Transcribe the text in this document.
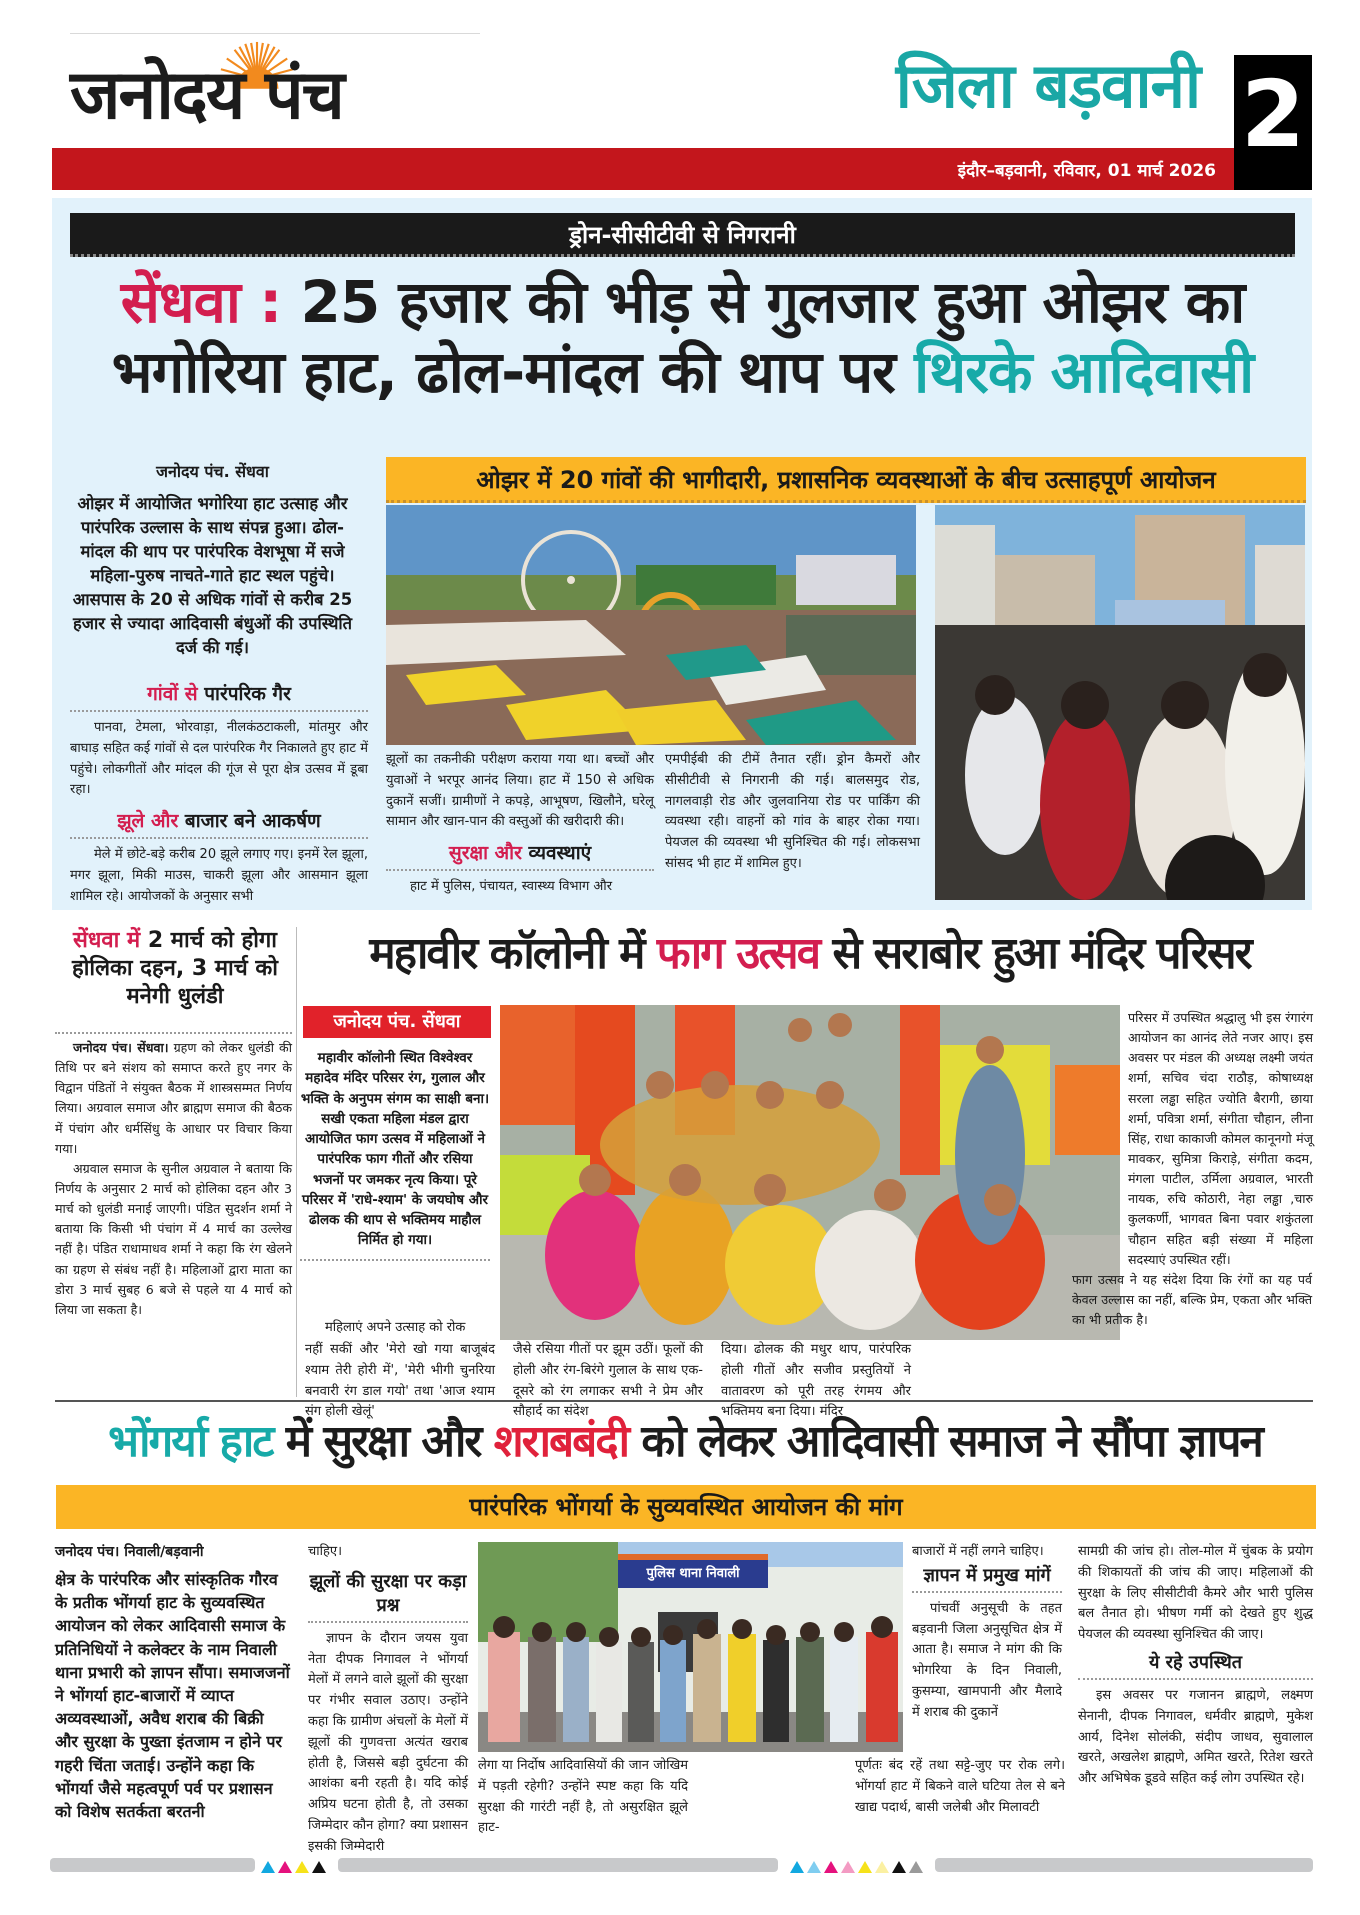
जनोदय पंच	जिला बड़वानी 2
इंदौर–बड़वानी, रविवार, 01 मार्च 2026
ड्रोन-सीसीटीवी से निगरानी
सेंधवा : 25 हजार की भीड़ से गुलजार हुआ ओझर का
भगोरिया हाट, ढोल-मांदल की थाप पर थिरके आदिवासी
जनोदय पंच. सेंधवा
ओझर में आयोजित भगोरिया हाट उत्साह और पारंपरिक उल्लास के साथ संपन्न हुआ। ढोल-मांदल की थाप पर पारंपरिक वेशभूषा में सजे महिला-पुरुष नाचते-गाते हाट स्थल पहुंचे। आसपास के 20 से अधिक गांवों से करीब 25 हजार से ज्यादा आदिवासी बंधुओं की उपस्थिति दर्ज की गई।
गांवों से पारंपरिक गैर

पानवा, टेमला, भोरवाड़ा, नीलकंठटाकली, मांतमुर और बाघाड़ सहित कई गांवों से दल पारंपरिक गैर निकालते हुए हाट में पहुंचे। लोकगीतों और मांदल की गूंज से पूरा क्षेत्र उत्सव में डूबा रहा।

झूले और बाजार बने आकर्षण

मेले में छोटे-बड़े करीब 20 झूले लगाए गए। इनमें रेल झूला, मगर झूला, मिकी माउस, चाकरी झूला और आसमान झूला शामिल रहे। आयोजकों के अनुसार सभी

ओझर में 20 गांवों की भागीदारी, प्रशासनिक व्यवस्थाओं के बीच उत्साहपूर्ण आयोजन

झूलों का तकनीकी परीक्षण कराया गया था। बच्चों और युवाओं ने भरपूर आनंद लिया। हाट में 150 से अधिक दुकानें सजीं। ग्रामीणों ने कपड़े, आभूषण, खिलौने, घरेलू सामान और खान-पान की वस्तुओं की खरीदारी की।

सुरक्षा और व्यवस्थाएं

हाट में पुलिस, पंचायत, स्वास्थ्य विभाग और

एमपीईबी की टीमें तैनात रहीं। ड्रोन कैमरों और सीसीटीवी से निगरानी की गई। बालसमुद रोड, नागलवाड़ी रोड और जुलवानिया रोड पर पार्किंग की व्यवस्था रही। वाहनों को गांव के बाहर रोका गया। पेयजल की व्यवस्था भी सुनिश्चित की गई। लोकसभा सांसद भी हाट में शामिल हुए।

सेंधवा में 2 मार्च को होगा होलिका दहन, 3 मार्च को मनेगी धुलंडी

जनोदय पंच। सेंधवा। ग्रहण को लेकर धुलंडी की तिथि पर बने संशय को समाप्त करते हुए नगर के विद्वान पंडितों ने संयुक्त बैठक में शास्त्रसम्मत निर्णय लिया। अग्रवाल समाज और ब्राह्मण समाज की बैठक में पंचांग और धर्मसिंधु के आधार पर विचार किया गया।

अग्रवाल समाज के सुनील अग्रवाल ने बताया कि निर्णय के अनुसार 2 मार्च को होलिका दहन और 3 मार्च को धुलंडी मनाई जाएगी। पंडित सुदर्शन शर्मा ने बताया कि किसी भी पंचांग में 4 मार्च का उल्लेख नहीं है। पंडित राधामाधव शर्मा ने कहा कि रंग खेलने का ग्रहण से संबंध नहीं है। महिलाओं द्वारा माता का डोरा 3 मार्च सुबह 6 बजे से पहले या 4 मार्च को लिया जा सकता है।

महावीर कॉलोनी में फाग उत्सव से सराबोर हुआ मंदिर परिसर
जनोदय पंच. सेंधवा
महावीर कॉलोनी स्थित विश्वेश्वर महादेव मंदिर परिसर रंग, गुलाल और भक्ति के अनुपम संगम का साक्षी बना। सखी एकता महिला मंडल द्वारा आयोजित फाग उत्सव में महिलाओं ने पारंपरिक फाग गीतों और रसिया भजनों पर जमकर नृत्य किया। पूरे परिसर में 'राधे-श्याम' के जयघोष और ढोलक की थाप से भक्तिमय माहौल निर्मित हो गया।

महिलाएं अपने उत्साह को रोक

नहीं सकीं और 'मेरो खो गया बाजूबंद श्याम तेरी होरी में', 'मेरी भीगी चुनरिया बनवारी रंग डाल गयो' तथा 'आज श्याम संग होली खेलूं'

जैसे रसिया गीतों पर झूम उठीं। फूलों की होली और रंग-बिरंगे गुलाल के साथ एक-दूसरे को रंग लगाकर सभी ने प्रेम और सौहार्द का संदेश

दिया। ढोलक की मधुर थाप, पारंपरिक होली गीतों और सजीव प्रस्तुतियों ने वातावरण को पूरी तरह रंगमय और भक्तिमय बना दिया। मंदिर

परिसर में उपस्थित श्रद्धालु भी इस रंगारंग आयोजन का आनंद लेते नजर आए। इस अवसर पर मंडल की अध्यक्ष लक्ष्मी जयंत शर्मा, सचिव चंदा राठौड़, कोषाध्यक्ष सरला लड्ढा सहित ज्योति बैरागी, छाया शर्मा, पवित्रा शर्मा, संगीता चौहान, लीना सिंह, राधा काकाजी कोमल कानूनगो मंजू मावकर, सुमित्रा किराड़े, संगीता कदम, मंगला पाटील, उर्मिला अग्रवाल, भारती नायक, रुचि कोठारी, नेहा लड्ढा ,चारु कुलकर्णी, भागवत बिना पवार शकुंतला चौहान सहित बड़ी संख्या में महिला सदस्याएं उपस्थित रहीं।

फाग उत्सव ने यह संदेश दिया कि रंगों का यह पर्व केवल उल्लास का नहीं, बल्कि प्रेम, एकता और भक्ति का भी प्रतीक है।

भोंगर्या हाट में सुरक्षा और शराबबंदी को लेकर आदिवासी समाज ने सौंपा ज्ञापन
पारंपरिक भोंगर्या के सुव्यवस्थित आयोजन की मांग
जनोदय पंच। निवाली/बड़वानी
क्षेत्र के पारंपरिक और सांस्कृतिक गौरव के प्रतीक भोंगर्या हाट के सुव्यवस्थित आयोजन को लेकर आदिवासी समाज के प्रतिनिधियों ने कलेक्टर के नाम निवाली थाना प्रभारी को ज्ञापन सौंपा। समाजजनों ने भोंगर्या हाट-बाजारों में व्याप्त अव्यवस्थाओं, अवैध शराब की बिक्री और सुरक्षा के पुख्ता इंतजाम न होने पर गहरी चिंता जताई। उन्होंने कहा कि भोंगर्या जैसे महत्वपूर्ण पर्व पर प्रशासन को विशेष सतर्कता बरतनी

चाहिए।

झूलों की सुरक्षा पर कड़ा प्रश्न

ज्ञापन के दौरान जयस युवा नेता दीपक निगावल ने भोंगर्या मेलों में लगने वाले झूलों की सुरक्षा पर गंभीर सवाल उठाए। उन्होंने कहा कि ग्रामीण अंचलों के मेलों में झूलों की गुणवत्ता अत्यंत खराब होती है, जिससे बड़ी दुर्घटना की आशंका बनी रहती है। यदि कोई अप्रिय घटना होती है, तो उसका जिम्मेदार कौन होगा? क्या प्रशासन इसकी जिम्मेदारी

पुलिस थाना निवाली

लेगा या निर्दोष आदिवासियों की जान जोखिम में पड़ती रहेगी? उन्होंने स्पष्ट कहा कि यदि सुरक्षा की गारंटी नहीं है, तो असुरक्षित झूले हाट-

बाजारों में नहीं लगने चाहिए।

ज्ञापन में प्रमुख मांगें

पांचवीं अनुसूची के तहत बड़वानी जिला अनुसूचित क्षेत्र में आता है। समाज ने मांग की कि भोगरिया के दिन निवाली, कुसम्या, खामपानी और मैलादे में शराब की दुकानें

पूर्णतः बंद रहें तथा सट्टे-जुए पर रोक लगे। भोंगर्या हाट में बिकने वाले घटिया तेल से बने खाद्य पदार्थ, बासी जलेबी और मिलावटी

सामग्री की जांच हो। तोल-मोल में चुंबक के प्रयोग की शिकायतों की जांच की जाए। महिलाओं की सुरक्षा के लिए सीसीटीवी कैमरे और भारी पुलिस बल तैनात हो। भीषण गर्मी को देखते हुए शुद्ध पेयजल की व्यवस्था सुनिश्चित की जाए।

ये रहे उपस्थित

इस अवसर पर गजानन ब्राह्मणे, लक्ष्मण सेनानी, दीपक निगावल, धर्मवीर ब्राह्मणे, मुकेश आर्य, दिनेश सोलंकी, संदीप जाधव, सुवालाल खरते, अखलेश ब्राह्मणे, अमित खरते, रितेश खरते और अभिषेक डूडवे सहित कई लोग उपस्थित रहे।
